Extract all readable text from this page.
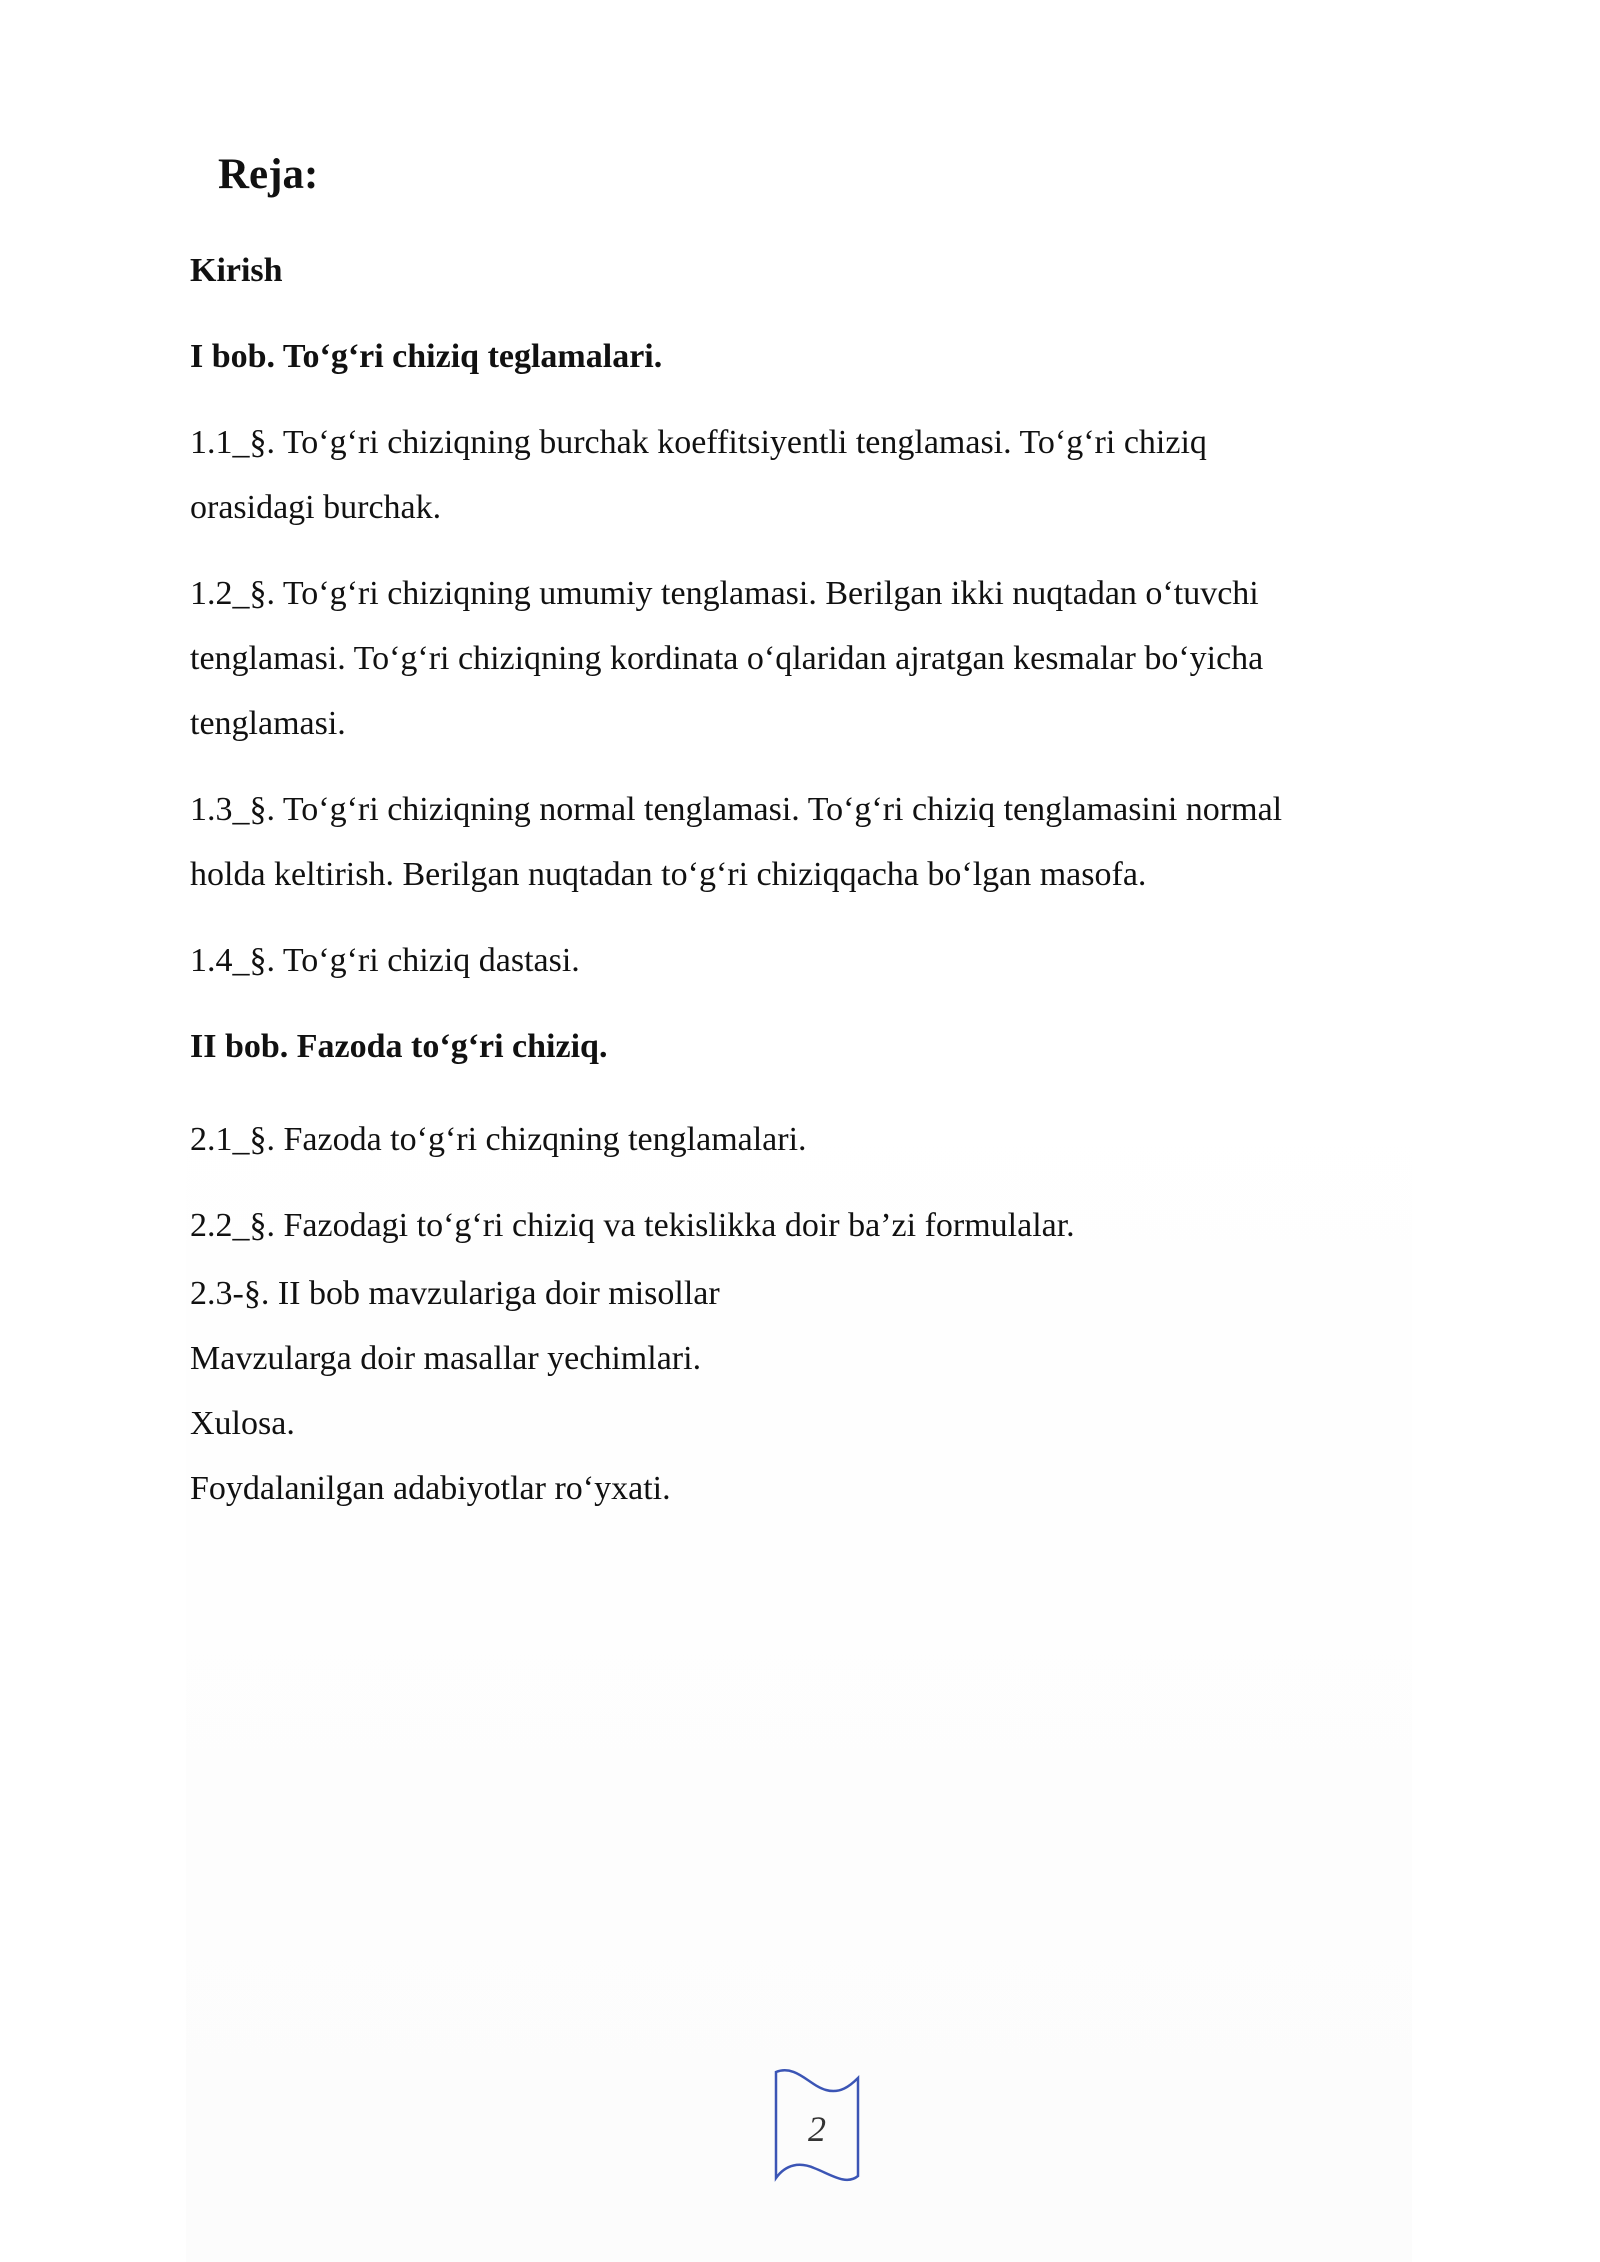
Reja:
Kirish
I bob. To‘g‘ri chiziq teglamalari.
1.1_§. To‘g‘ri chiziqning burchak koeffitsiyentli tenglamasi. To‘g‘ri chiziq
orasidagi burchak.
1.2_§. To‘g‘ri chiziqning umumiy tenglamasi. Berilgan ikki nuqtadan o‘tuvchi
tenglamasi. To‘g‘ri chiziqning kordinata o‘qlaridan ajratgan kesmalar bo‘yicha
tenglamasi.
1.3_§. To‘g‘ri chiziqning normal tenglamasi. To‘g‘ri chiziq tenglamasini normal
holda keltirish. Berilgan nuqtadan to‘g‘ri chiziqqacha bo‘lgan masofa.
1.4_§. To‘g‘ri chiziq dastasi.
II bob. Fazoda to‘g‘ri chiziq.
2.1_§. Fazoda to‘g‘ri chizqning tenglamalari.
2.2_§. Fazodagi to‘g‘ri chiziq va tekislikka doir ba’zi formulalar.
2.3-§. II bob mavzulariga doir misollar
Mavzularga doir masallar yechimlari.
Xulosa.
Foydalanilgan adabiyotlar ro‘yxati.
2
